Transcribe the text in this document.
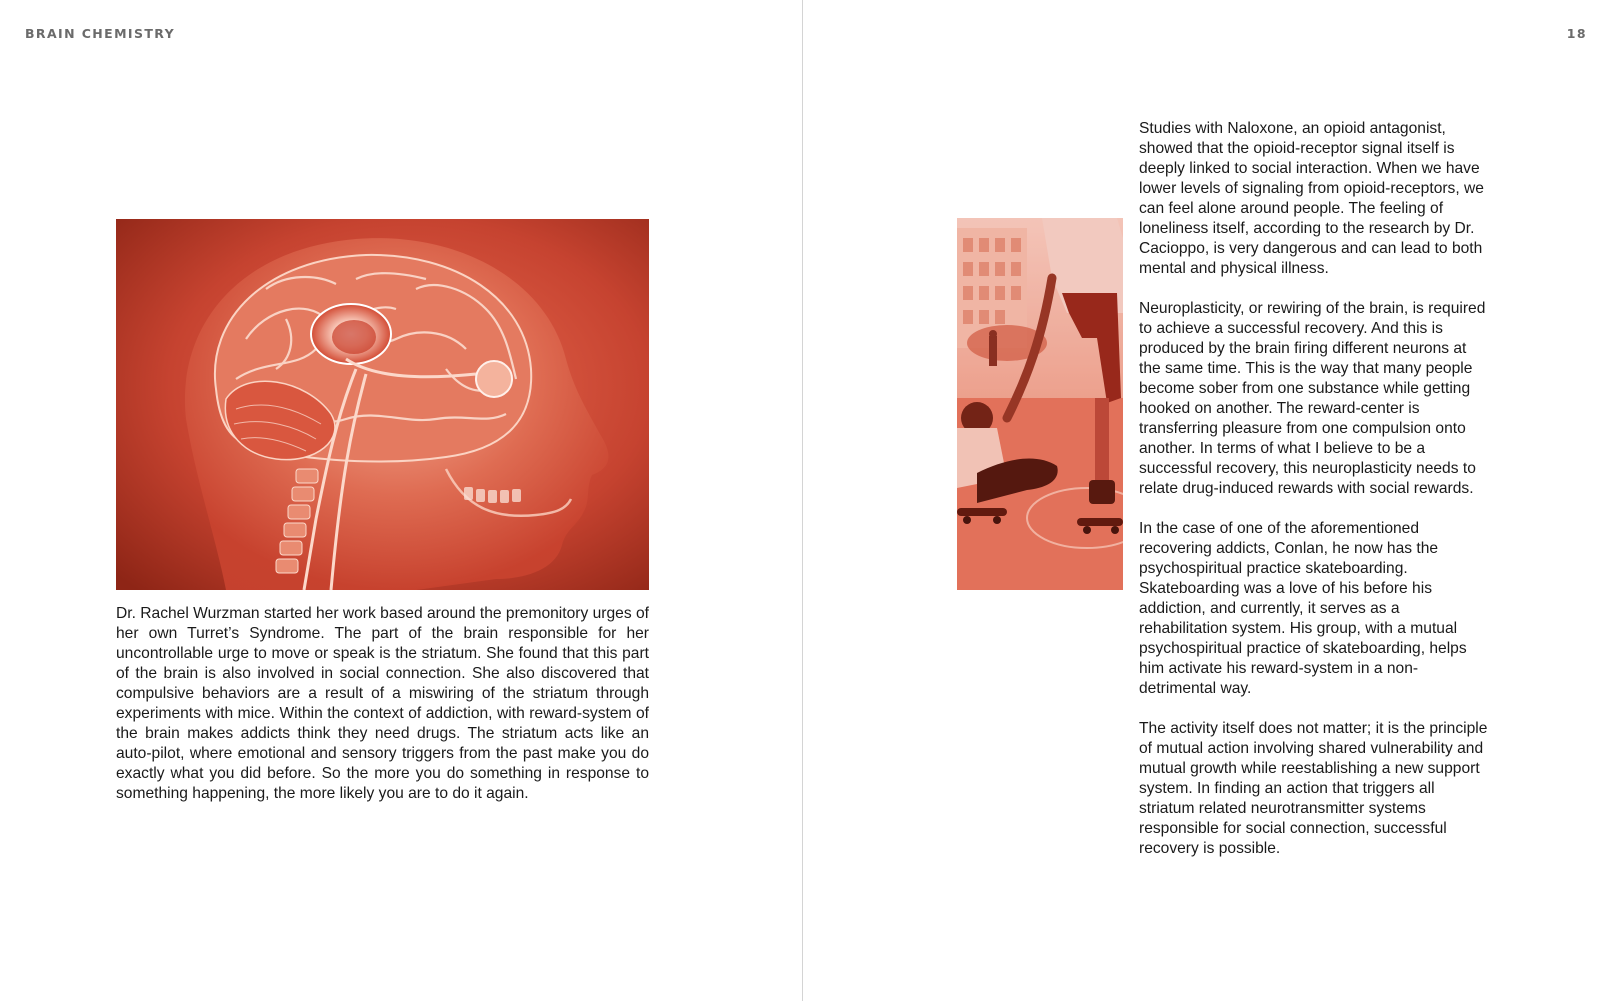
BRAIN CHEMISTRY	18

Dr. Rachel Wurzman started her work based around the premonitory urges of her own Turret’s Syndrome. The part of the brain responsible for her uncontrollable urge to move or speak is the striatum. She found that this part of the brain is also involved in social connection. She also discovered that compulsive behaviors are a result of a miswiring of the striatum through experiments with mice. Within the context of addiction, with reward-system of the brain makes addicts think they need drugs. The striatum acts like an auto-pilot, where emotional and sensory triggers from the past make you do exactly what you did before. So the more you do something in response to something happening, the more likely you are to do it again.

Studies with Naloxone, an opioid antagonist, showed that the opioid-receptor signal itself is deeply linked to social interaction. When we have lower levels of signaling from opioid-receptors, we can feel alone around people. The feeling of loneliness itself, according to the research by Dr. Cacioppo, is very dangerous and can lead to both mental and physical illness.

Neuroplasticity, or rewiring of the brain, is required to achieve a successful recovery. And this is produced by the brain firing different neurons at the same time. This is the way that many people become sober from one substance while getting hooked on another. The reward-center is transferring pleasure from one compulsion onto another. In terms of what I believe to be a successful recovery, this neuroplasticity needs to relate drug-induced rewards with social rewards.

In the case of one of the aforementioned recovering addicts, Conlan, he now has the psychospiritual practice skateboarding. Skateboarding was a love of his before his addiction, and currently, it serves as a rehabilitation system. His group, with a mutual psychospiritual practice of skateboarding, helps him activate his reward-system in a non-detrimental way.

The activity itself does not matter; it is the principle of mutual action involving shared vulnerability and mutual growth while reestablishing a new support system. In finding an action that triggers all striatum related neurotransmitter systems responsible for social connection, successful recovery is possible.
